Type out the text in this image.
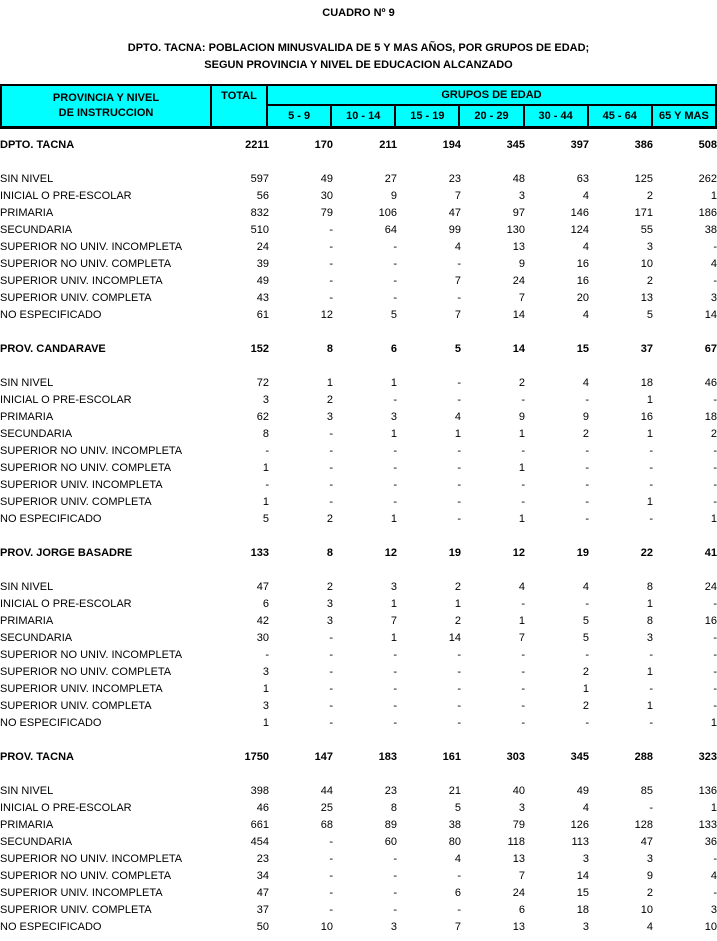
CUADRO Nº 9
DPTO. TACNA: POBLACION MINUSVALIDA DE 5 Y MAS AÑOS, POR GRUPOS DE EDAD;
SEGUN PROVINCIA Y NIVEL DE EDUCACION ALCANZADO
PROVINCIA Y NIVEL
DE INSTRUCCION
TOTAL	GRUPOS DE EDAD
5 - 9	10 - 14	15 - 19	20 - 29	30 - 44	45 - 64	65 Y MAS
DPTO. TACNA	2211	170	211	194	345	397	386	508

SIN NIVEL	597	49	27	23	48	63	125	262
INICIAL O PRE-ESCOLAR	56	30	9	7	3	4	2	1
PRIMARIA	832	79	106	47	97	146	171	186
SECUNDARIA	510	-	64	99	130	124	55	38
SUPERIOR NO UNIV. INCOMPLETA	24	-	-	4	13	4	3	-
SUPERIOR NO UNIV. COMPLETA	39	-	-	-	9	16	10	4
SUPERIOR UNIV. INCOMPLETA	49	-	-	7	24	16	2	-
SUPERIOR UNIV. COMPLETA	43	-	-	-	7	20	13	3
NO ESPECIFICADO	61	12	5	7	14	4	5	14

PROV. CANDARAVE	152	8	6	5	14	15	37	67

SIN NIVEL	72	1	1	-	2	4	18	46
INICIAL O PRE-ESCOLAR	3	2	-	-	-	-	1	-
PRIMARIA	62	3	3	4	9	9	16	18
SECUNDARIA	8	-	1	1	1	2	1	2
SUPERIOR NO UNIV. INCOMPLETA	-	-	-	-	-	-	-	-
SUPERIOR NO UNIV. COMPLETA	1	-	-	-	1	-	-	-
SUPERIOR UNIV. INCOMPLETA	-	-	-	-	-	-	-	-
SUPERIOR UNIV. COMPLETA	1	-	-	-	-	-	1	-
NO ESPECIFICADO	5	2	1	-	1	-	-	1

PROV. JORGE BASADRE	133	8	12	19	12	19	22	41

SIN NIVEL	47	2	3	2	4	4	8	24
INICIAL O PRE-ESCOLAR	6	3	1	1	-	-	1	-
PRIMARIA	42	3	7	2	1	5	8	16
SECUNDARIA	30	-	1	14	7	5	3	-
SUPERIOR NO UNIV. INCOMPLETA	-	-	-	-	-	-	-	-
SUPERIOR NO UNIV. COMPLETA	3	-	-	-	-	2	1	-
SUPERIOR UNIV. INCOMPLETA	1	-	-	-	-	1	-	-
SUPERIOR UNIV. COMPLETA	3	-	-	-	-	2	1	-
NO ESPECIFICADO	1	-	-	-	-	-	-	1

PROV. TACNA	1750	147	183	161	303	345	288	323

SIN NIVEL	398	44	23	21	40	49	85	136
INICIAL O PRE-ESCOLAR	46	25	8	5	3	4	-	1
PRIMARIA	661	68	89	38	79	126	128	133
SECUNDARIA	454	-	60	80	118	113	47	36
SUPERIOR NO UNIV. INCOMPLETA	23	-	-	4	13	3	3	-
SUPERIOR NO UNIV. COMPLETA	34	-	-	-	7	14	9	4
SUPERIOR UNIV. INCOMPLETA	47	-	-	6	24	15	2	-
SUPERIOR UNIV. COMPLETA	37	-	-	-	6	18	10	3
NO ESPECIFICADO	50	10	3	7	13	3	4	10
